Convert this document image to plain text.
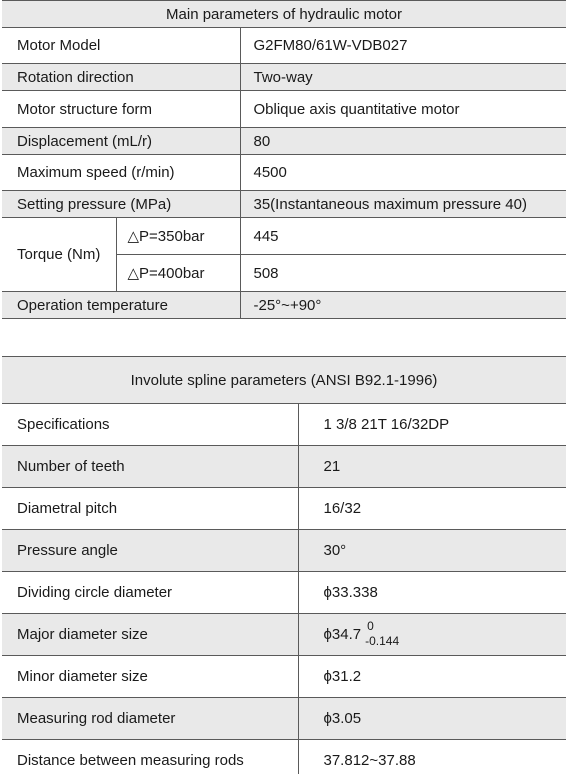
Main parameters of hydraulic motor		
Motor Model		G2FM80/61W-VDB027
Rotation direction		Two-way
Motor structure form		Oblique axis quantitative motor
Displacement (mL/r)		80
Maximum speed (r/min)		4500
Setting pressure (MPa)		35(Instantaneous maximum pressure 40)
Torque (Nm)	△P=350bar	445
	△P=400bar	508
Operation temperature		-25°~+90°
Involute spline parameters (ANSI B92.1-1996)	
Specifications	1 3/8 21T 16/32DP
Number of teeth	21
Diametral pitch	16/32
Pressure angle	30°
Dividing circle diameter	ϕ33.338
Major diameter size	ϕ34.7 0
-0.144

Minor diameter size	ϕ31.2
Measuring rod diameter	ϕ3.05
Distance between measuring rods	37.812~37.88
